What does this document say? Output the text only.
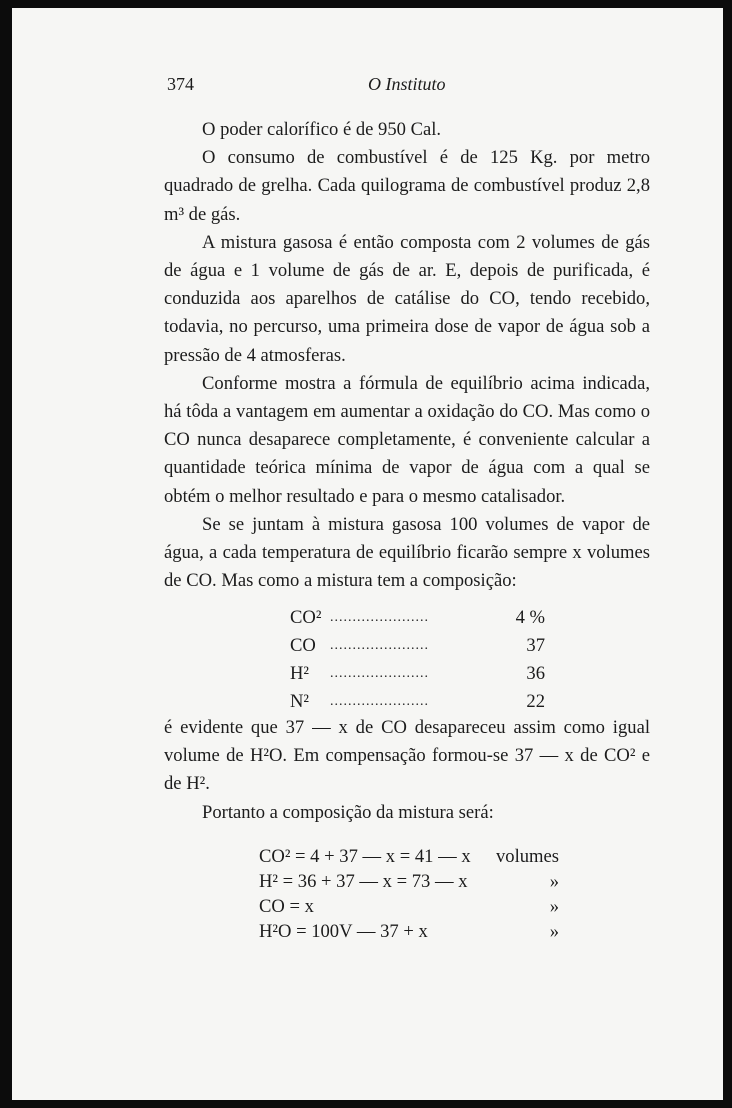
374	O Instituto

O poder calorífico é de 950 Cal.

O consumo de combustível é de 125 Kg. por metro quadrado de grelha. Cada quilograma de combustível produz 2,8 m³ de gás.

A mistura gasosa é então composta com 2 volumes de gás de água e 1 volume de gás de ar. E, depois de purificada, é conduzida aos aparelhos de catálise do CO, tendo recebido, todavia, no percurso, uma primeira dose de vapor de água sob a pressão de 4 atmosferas.

Conforme mostra a fórmula de equilíbrio acima indicada, há tôda a vantagem em aumentar a oxidação do CO. Mas como o CO nunca desaparece completamente, é conveniente calcular a quantidade teórica mínima de vapor de água com a qual se obtém o melhor resultado e para o mesmo catalisador.

Se se juntam à mistura gasosa 100 volumes de vapor de água, a cada temperatura de equilíbrio ficarão sempre x volumes de CO. Mas como a mistura tem a composição:

CO² ......................	4 %
CO	......................	37
H²	......................	36
N²	......................	22

é evidente que 37 — x de CO desapareceu assim como igual volume de H²O. Em compensação formou-se 37 — x de CO² e de H².

Portanto a composição da mistura será:

CO² = 4 + 37 — x = 41 — x	volumes
H² = 36 + 37 — x = 73 — x	»
CO = x	»
H²O = 100V — 37 + x	»
